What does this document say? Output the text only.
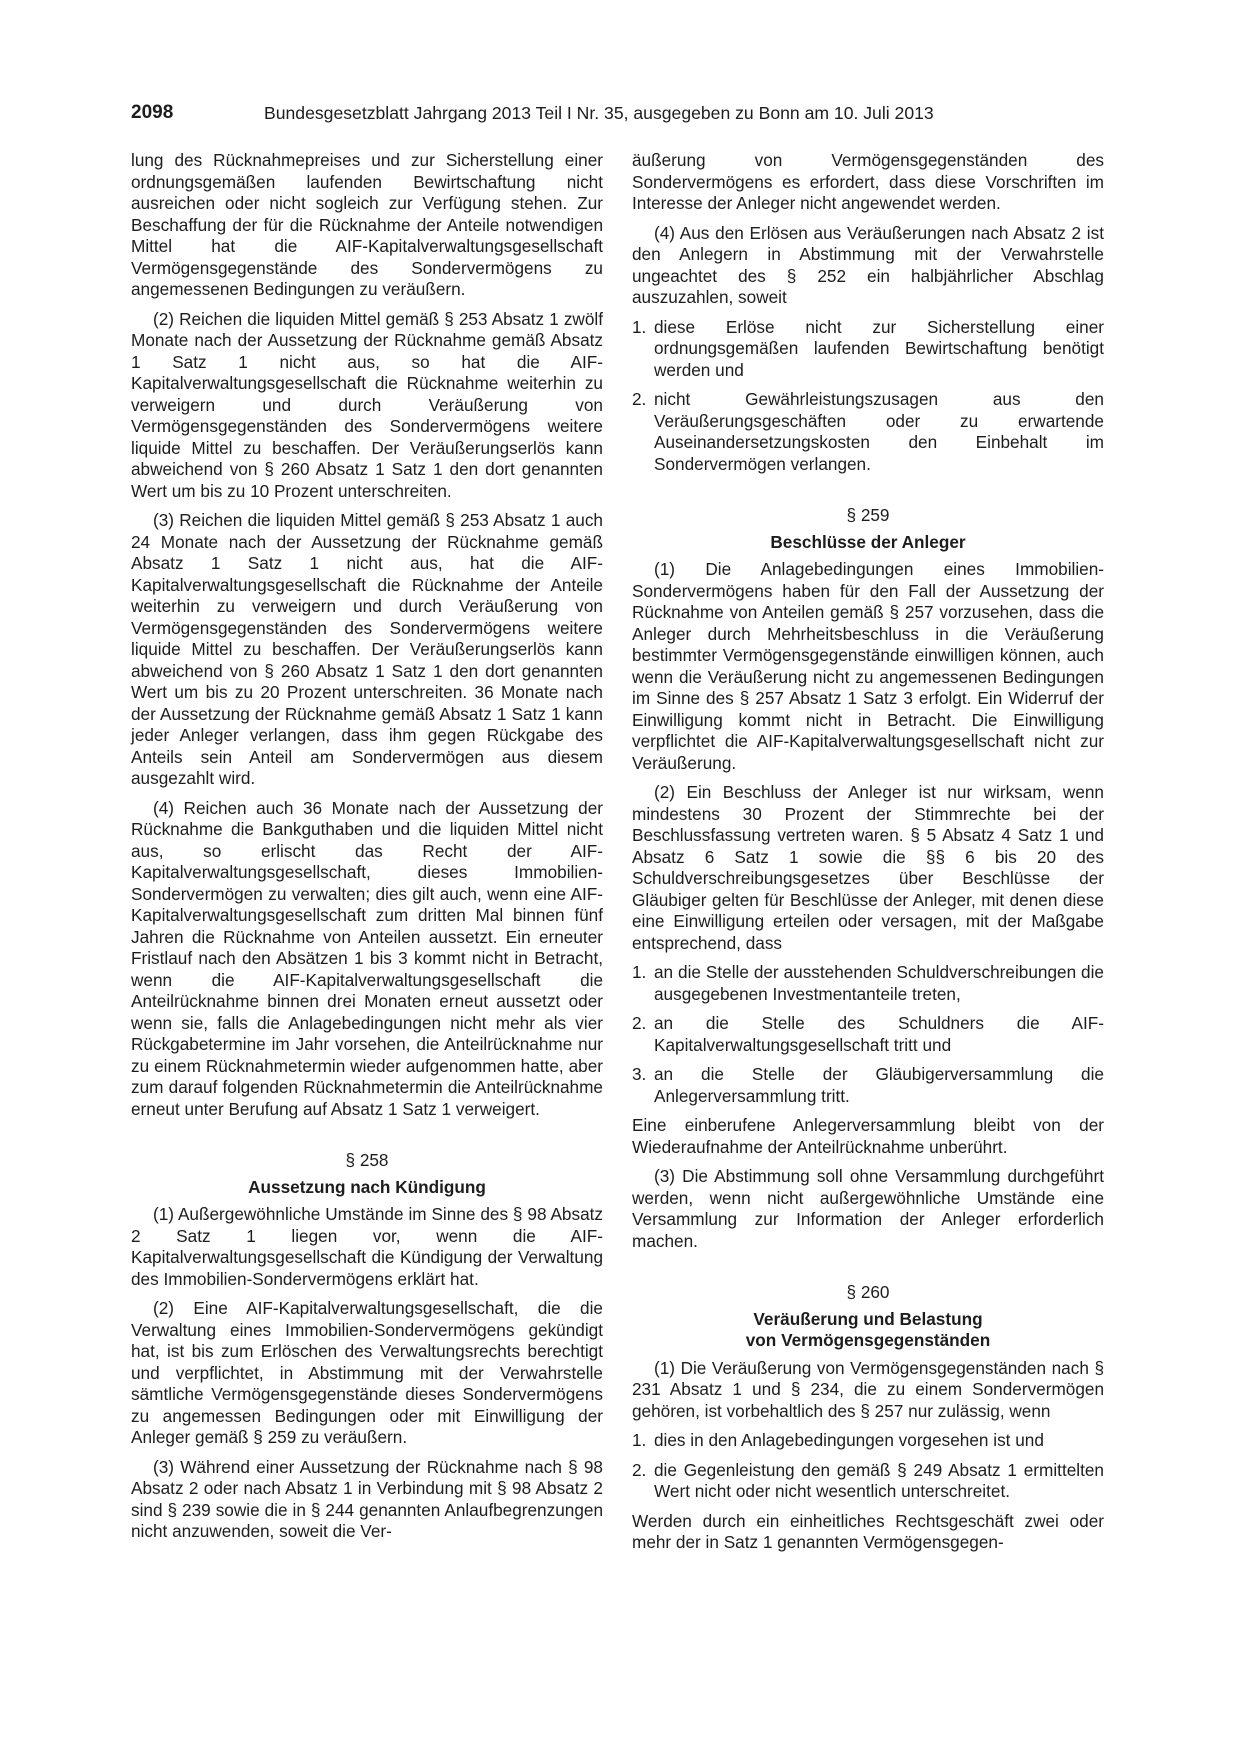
2098	Bundesgesetzblatt Jahrgang 2013 Teil I Nr. 35, ausgegeben zu Bonn am 10. Juli 2013

lung des Rücknahmepreises und zur Sicherstellung einer ordnungsgemäßen laufenden Bewirtschaftung nicht ausreichen oder nicht sogleich zur Verfügung stehen. Zur Beschaffung der für die Rücknahme der Anteile notwendigen Mittel hat die AIF-Kapitalverwaltungsgesellschaft Vermögensgegenstände des Sondervermögens zu angemessenen Bedingungen zu veräußern.

(2) Reichen die liquiden Mittel gemäß § 253 Absatz 1 zwölf Monate nach der Aussetzung der Rücknahme gemäß Absatz 1 Satz 1 nicht aus, so hat die AIF-Kapitalverwaltungsgesellschaft die Rücknahme weiterhin zu verweigern und durch Veräußerung von Vermögensgegenständen des Sondervermögens weitere liquide Mittel zu beschaffen. Der Veräußerungserlös kann abweichend von § 260 Absatz 1 Satz 1 den dort genannten Wert um bis zu 10 Prozent unterschreiten.

(3) Reichen die liquiden Mittel gemäß § 253 Absatz 1 auch 24 Monate nach der Aussetzung der Rücknahme gemäß Absatz 1 Satz 1 nicht aus, hat die AIF-Kapitalverwaltungsgesellschaft die Rücknahme der Anteile weiterhin zu verweigern und durch Veräußerung von Vermögensgegenständen des Sondervermögens weitere liquide Mittel zu beschaffen. Der Veräußerungserlös kann abweichend von § 260 Absatz 1 Satz 1 den dort genannten Wert um bis zu 20 Prozent unterschreiten. 36 Monate nach der Aussetzung der Rücknahme gemäß Absatz 1 Satz 1 kann jeder Anleger verlangen, dass ihm gegen Rückgabe des Anteils sein Anteil am Sondervermögen aus diesem ausgezahlt wird.

(4) Reichen auch 36 Monate nach der Aussetzung der Rücknahme die Bankguthaben und die liquiden Mittel nicht aus, so erlischt das Recht der AIF-Kapitalverwaltungsgesellschaft, dieses Immobilien-Sondervermögen zu verwalten; dies gilt auch, wenn eine AIF-Kapitalverwaltungsgesellschaft zum dritten Mal binnen fünf Jahren die Rücknahme von Anteilen aussetzt. Ein erneuter Fristlauf nach den Absätzen 1 bis 3 kommt nicht in Betracht, wenn die AIF-Kapitalverwaltungsgesellschaft die Anteilrücknahme binnen drei Monaten erneut aussetzt oder wenn sie, falls die Anlagebedingungen nicht mehr als vier Rückgabetermine im Jahr vorsehen, die Anteilrücknahme nur zu einem Rücknahmetermin wieder aufgenommen hatte, aber zum darauf folgenden Rücknahmetermin die Anteilrücknahme erneut unter Berufung auf Absatz 1 Satz 1 verweigert.

§ 258
Aussetzung nach Kündigung

(1) Außergewöhnliche Umstände im Sinne des § 98 Absatz 2 Satz 1 liegen vor, wenn die AIF-Kapitalverwaltungsgesellschaft die Kündigung der Verwaltung des Immobilien-Sondervermögens erklärt hat.

(2) Eine AIF-Kapitalverwaltungsgesellschaft, die die Verwaltung eines Immobilien-Sondervermögens gekündigt hat, ist bis zum Erlöschen des Verwaltungsrechts berechtigt und verpflichtet, in Abstimmung mit der Verwahrstelle sämtliche Vermögensgegenstände dieses Sondervermögens zu angemessen Bedingungen oder mit Einwilligung der Anleger gemäß § 259 zu veräußern.

(3) Während einer Aussetzung der Rücknahme nach § 98 Absatz 2 oder nach Absatz 1 in Verbindung mit § 98 Absatz 2 sind § 239 sowie die in § 244 genannten Anlaufbegrenzungen nicht anzuwenden, soweit die Ver-

äußerung von Vermögensgegenständen des Sondervermögens es erfordert, dass diese Vorschriften im Interesse der Anleger nicht angewendet werden.

(4) Aus den Erlösen aus Veräußerungen nach Absatz 2 ist den Anlegern in Abstimmung mit der Verwahrstelle ungeachtet des § 252 ein halbjährlicher Abschlag auszuzahlen, soweit

1. diese Erlöse nicht zur Sicherstellung einer ordnungsgemäßen laufenden Bewirtschaftung benötigt werden und
2. nicht Gewährleistungszusagen aus den Veräußerungsgeschäften oder zu erwartende Auseinandersetzungskosten den Einbehalt im Sondervermögen verlangen.
§ 259
Beschlüsse der Anleger

(1) Die Anlagebedingungen eines Immobilien-Sondervermögens haben für den Fall der Aussetzung der Rücknahme von Anteilen gemäß § 257 vorzusehen, dass die Anleger durch Mehrheitsbeschluss in die Veräußerung bestimmter Vermögensgegenstände einwilligen können, auch wenn die Veräußerung nicht zu angemessenen Bedingungen im Sinne des § 257 Absatz 1 Satz 3 erfolgt. Ein Widerruf der Einwilligung kommt nicht in Betracht. Die Einwilligung verpflichtet die AIF-Kapitalverwaltungsgesellschaft nicht zur Veräußerung.

(2) Ein Beschluss der Anleger ist nur wirksam, wenn mindestens 30 Prozent der Stimmrechte bei der Beschlussfassung vertreten waren. § 5 Absatz 4 Satz 1 und Absatz 6 Satz 1 sowie die §§ 6 bis 20 des Schuldverschreibungsgesetzes über Beschlüsse der Gläubiger gelten für Beschlüsse der Anleger, mit denen diese eine Einwilligung erteilen oder versagen, mit der Maßgabe entsprechend, dass

1. an die Stelle der ausstehenden Schuldverschreibungen die ausgegebenen Investmentanteile treten,
2. an die Stelle des Schuldners die AIF-Kapitalverwaltungsgesellschaft tritt und
3. an die Stelle der Gläubigerversammlung die Anlegerversammlung tritt.

Eine einberufene Anlegerversammlung bleibt von der Wiederaufnahme der Anteilrücknahme unberührt.

(3) Die Abstimmung soll ohne Versammlung durchgeführt werden, wenn nicht außergewöhnliche Umstände eine Versammlung zur Information der Anleger erforderlich machen.

§ 260
Veräußerung und Belastung
von Vermögensgegenständen

(1) Die Veräußerung von Vermögensgegenständen nach § 231 Absatz 1 und § 234, die zu einem Sondervermögen gehören, ist vorbehaltlich des § 257 nur zulässig, wenn

1. dies in den Anlagebedingungen vorgesehen ist und
2. die Gegenleistung den gemäß § 249 Absatz 1 ermittelten Wert nicht oder nicht wesentlich unterschreitet.

Werden durch ein einheitliches Rechtsgeschäft zwei oder mehr der in Satz 1 genannten Vermögensgegen-
